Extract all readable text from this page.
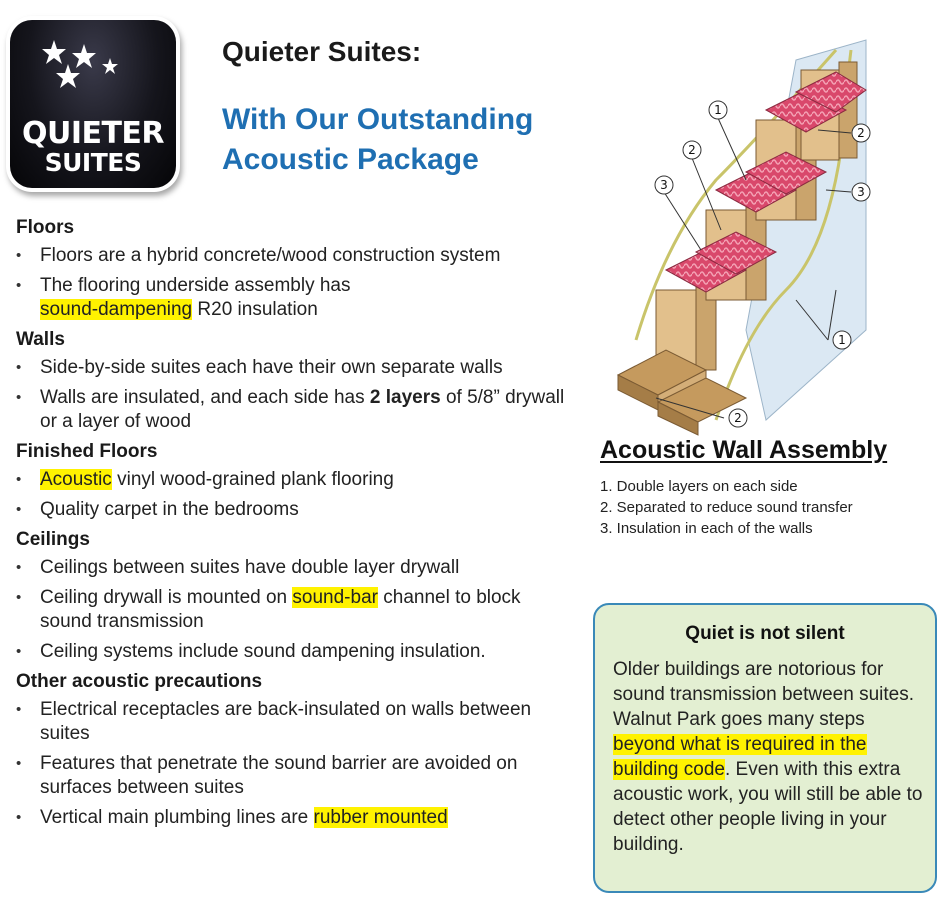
QUIETER
SUITES
Quieter Suites:
With Our Outstanding
Acoustic Package
Floors
• Floors are a hybrid concrete/wood construction system
• The flooring underside assembly has
sound-dampening R20 insulation
Walls
• Side-by-side suites each have their own separate walls
• Walls are insulated, and each side has 2 layers of 5/8” drywall or a layer of wood
Finished Floors
• Acoustic vinyl wood-grained plank flooring
• Quality carpet in the bedrooms
Ceilings
• Ceilings between suites have double layer drywall
• Ceiling drywall is mounted on sound-bar channel to block sound transmission
• Ceiling systems include sound dampening insulation.
Other acoustic precautions
• Electrical receptacles are back-insulated on walls between suites
• Features that penetrate the sound barrier are avoided on surfaces between suites
• Vertical main plumbing lines are rubber mounted
1
2
3
2
3
1
2
Acoustic Wall Assembly
1. Double layers on each side
2. Separated to reduce sound transfer
3. Insulation in each of the walls
Quiet is not silent
Older buildings are notorious for sound transmission between suites. Walnut Park goes many steps beyond what is required in the building code. Even with this extra acoustic work, you will still be able to detect other people living in your building.
